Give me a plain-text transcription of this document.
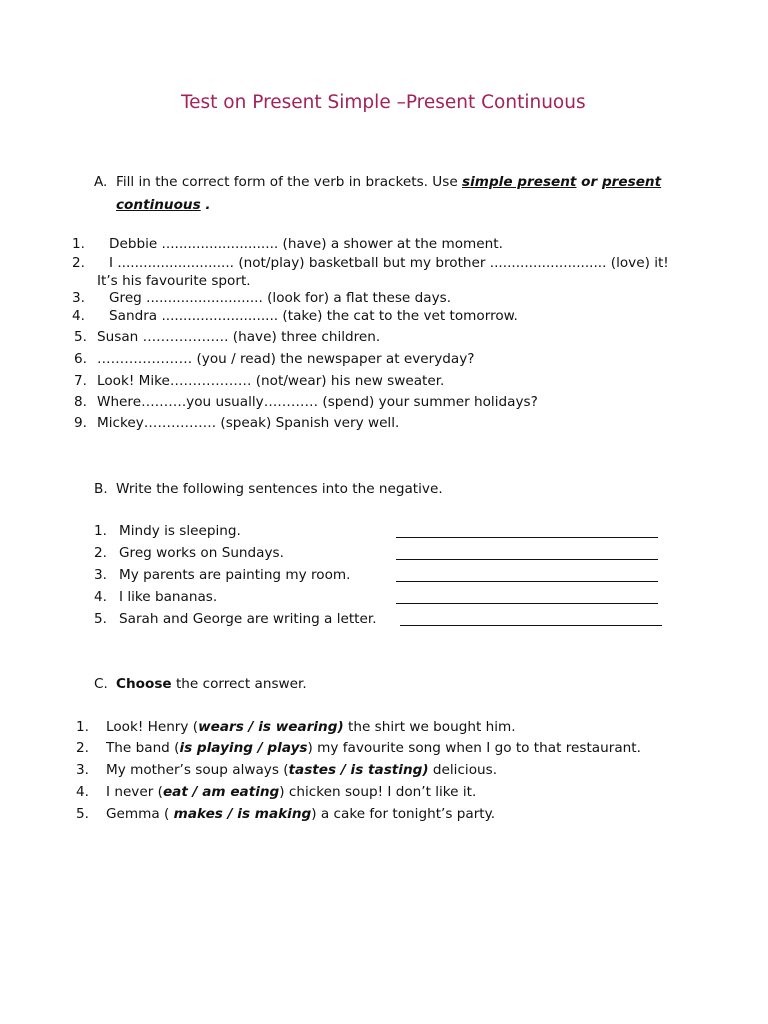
Test on Present Simple –Present Continuous
A. Fill in the correct form of the verb in brackets. Use simple present or present
continuous .
1. Debbie ........................... (have) a shower at the moment.
2. I ........................... (not/play) basketball but my brother ........................... (love) it!
It’s his favourite sport.
3. Greg ........................... (look for) a flat these days.
4. Sandra ........................... (take) the cat to the vet tomorrow.
5. Susan ………………. (have) three children.
6. ………………… (you / read) the newspaper at everyday?
7. Look! Mike……………… (not/wear) his new sweater.
8. Where……….you usually………… (spend) your summer holidays?
9. Mickey……………. (speak) Spanish very well.
B. Write the following sentences into the negative.
1. Mindy is sleeping.
2. Greg works on Sundays.
3. My parents are painting my room.
4. I like bananas.
5. Sarah and George are writing a letter.
C. Choose the correct answer.
1. Look! Henry (wears / is wearing) the shirt we bought him.
2. The band (is playing / plays) my favourite song when I go to that restaurant.
3. My mother’s soup always (tastes / is tasting) delicious.
4. I never (eat / am eating) chicken soup! I don’t like it.
5. Gemma ( makes / is making) a cake for tonight’s party.
